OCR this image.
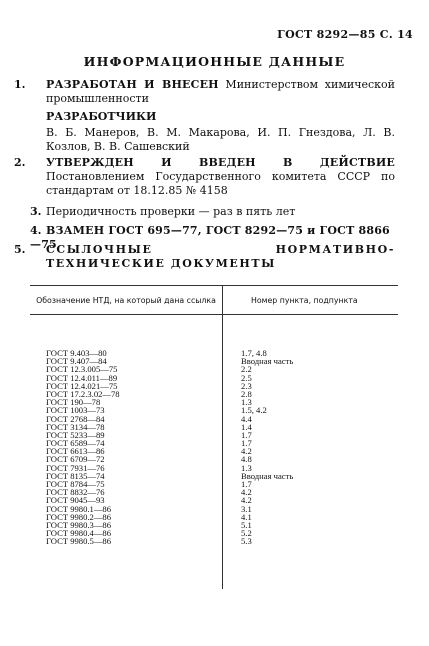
ГОСТ 8292—85 С. 14
ИНФОРМАЦИОННЫЕ ДАННЫЕ
1. РАЗРАБОТАН И ВНЕСЕН Министерством химической промышленности
РАЗРАБОТЧИКИ
В. Б. Манеров, В. М. Макарова, И. П. Гнездова, Л. В. Козлов, В. В. Сашевский
2. УТВЕРЖДЕН И ВВЕДЕН В ДЕЙСТВИЕ Постановлением Государственного комитета СССР по стандартам от 18.12.85 № 4158
3. Периодичность проверки — раз в пять лет
4. ВЗАМЕН ГОСТ 695—77, ГОСТ 8292—75 и ГОСТ 8866—75
5. ССЫЛОЧНЫЕ НОРМАТИВНО-ТЕХНИЧЕСКИЕ ДОКУМЕНТЫ
Обозначение НТД, на который дана ссылка	Номер пункта, подпункта
ГОСТ 9.403—80
ГОСТ 9.407—84
ГОСТ 12.3.005—75
ГОСТ 12.4.011—89
ГОСТ 12.4.021—75
ГОСТ 17.2.3.02—78
ГОСТ 190—78
ГОСТ 1003—73
ГОСТ 2768—84
ГОСТ 3134—78
ГОСТ 5233—89
ГОСТ 6589—74
ГОСТ 6613—86
ГОСТ 6709—72
ГОСТ 7931—76
ГОСТ 8135—74
ГОСТ 8784—75
ГОСТ 8832—76
ГОСТ 9045—93
ГОСТ 9980.1—86
ГОСТ 9980.2—86
ГОСТ 9980.3—86
ГОСТ 9980.4—86
ГОСТ 9980.5—86
1.7, 4.8
Вводная часть
2.2
2.5
2.3
2.8
1.3
1.5, 4.2
4.4
1.4
1.7
1.7
4.2
4.8
1.3
Вводная часть
1.7
4.2
4.2
3.1
4.1
5.1
5.2
5.3
